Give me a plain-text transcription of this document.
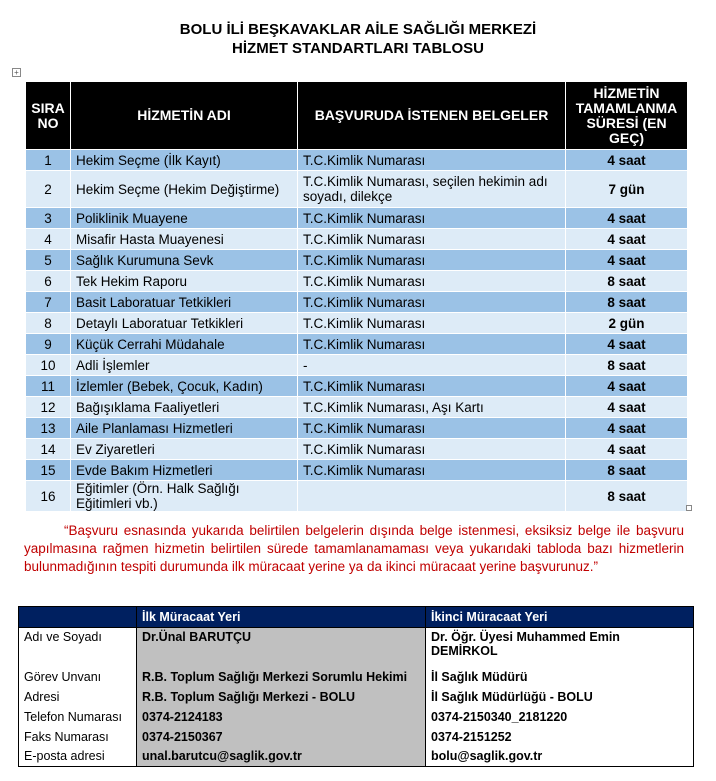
BOLU İLİ BEŞKAVAKLAR AİLE SAĞLIĞI MERKEZİ
HİZMET STANDARTLARI TABLOSU
+
SIRA NO	HİZMETİN ADI	BAŞVURUDA İSTENEN BELGELER	HİZMETİN TAMAMLANMA SÜRESİ (EN GEÇ)
1	Hekim Seçme (İlk Kayıt)	T.C.Kimlik Numarası	4 saat
2	Hekim Seçme (Hekim Değiştirme)	T.C.Kimlik Numarası, seçilen hekimin adı soyadı, dilekçe	7 gün
3	Poliklinik Muayene	T.C.Kimlik Numarası	4 saat
4	Misafir Hasta Muayenesi	T.C.Kimlik Numarası	4 saat
5	Sağlık Kurumuna Sevk	T.C.Kimlik Numarası	4 saat
6	Tek Hekim Raporu	T.C.Kimlik Numarası	8 saat
7	Basit Laboratuar Tetkikleri	T.C.Kimlik Numarası	8 saat
8	Detaylı Laboratuar Tetkikleri	T.C.Kimlik Numarası	2 gün
9	Küçük Cerrahi Müdahale	T.C.Kimlik Numarası	4 saat
10	Adli İşlemler	-	8 saat
11	İzlemler (Bebek, Çocuk, Kadın)	T.C.Kimlik Numarası	4 saat
12	Bağışıklama Faaliyetleri	T.C.Kimlik Numarası, Aşı Kartı	4 saat
13	Aile Planlaması Hizmetleri	T.C.Kimlik Numarası	4 saat
14	Ev Ziyaretleri	T.C.Kimlik Numarası	4 saat
15	Evde Bakım Hizmetleri	T.C.Kimlik Numarası	8 saat
16	Eğitimler (Örn. Halk Sağlığı Eğitimleri vb.)		8 saat
“Başvuru esnasında yukarıda belirtilen belgelerin dışında belge istenmesi, eksiksiz belge ile başvuru yapılmasına rağmen hizmetin belirtilen sürede tamamlanamaması veya yukarıdaki tabloda bazı hizmetlerin bulunmadığının tespiti durumunda ilk müracaat yerine ya da ikinci müracaat yerine başvurunuz.”
	İlk Müracaat Yeri	İkinci Müracaat Yeri
Adı ve Soyadı	Dr.Ünal BARUTÇU	Dr. Öğr. Üyesi Muhammed Emin DEMİRKOL
Görev Unvanı	R.B. Toplum Sağlığı Merkezi Sorumlu Hekimi	İl Sağlık Müdürü
Adresi	R.B. Toplum Sağlığı Merkezi - BOLU	İl Sağlık Müdürlüğü - BOLU
Telefon Numarası	0374-2124183	0374-2150340_2181220
Faks Numarası	0374-2150367	0374-2151252
E-posta adresi	unal.barutcu@saglik.gov.tr	bolu@saglik.gov.tr
